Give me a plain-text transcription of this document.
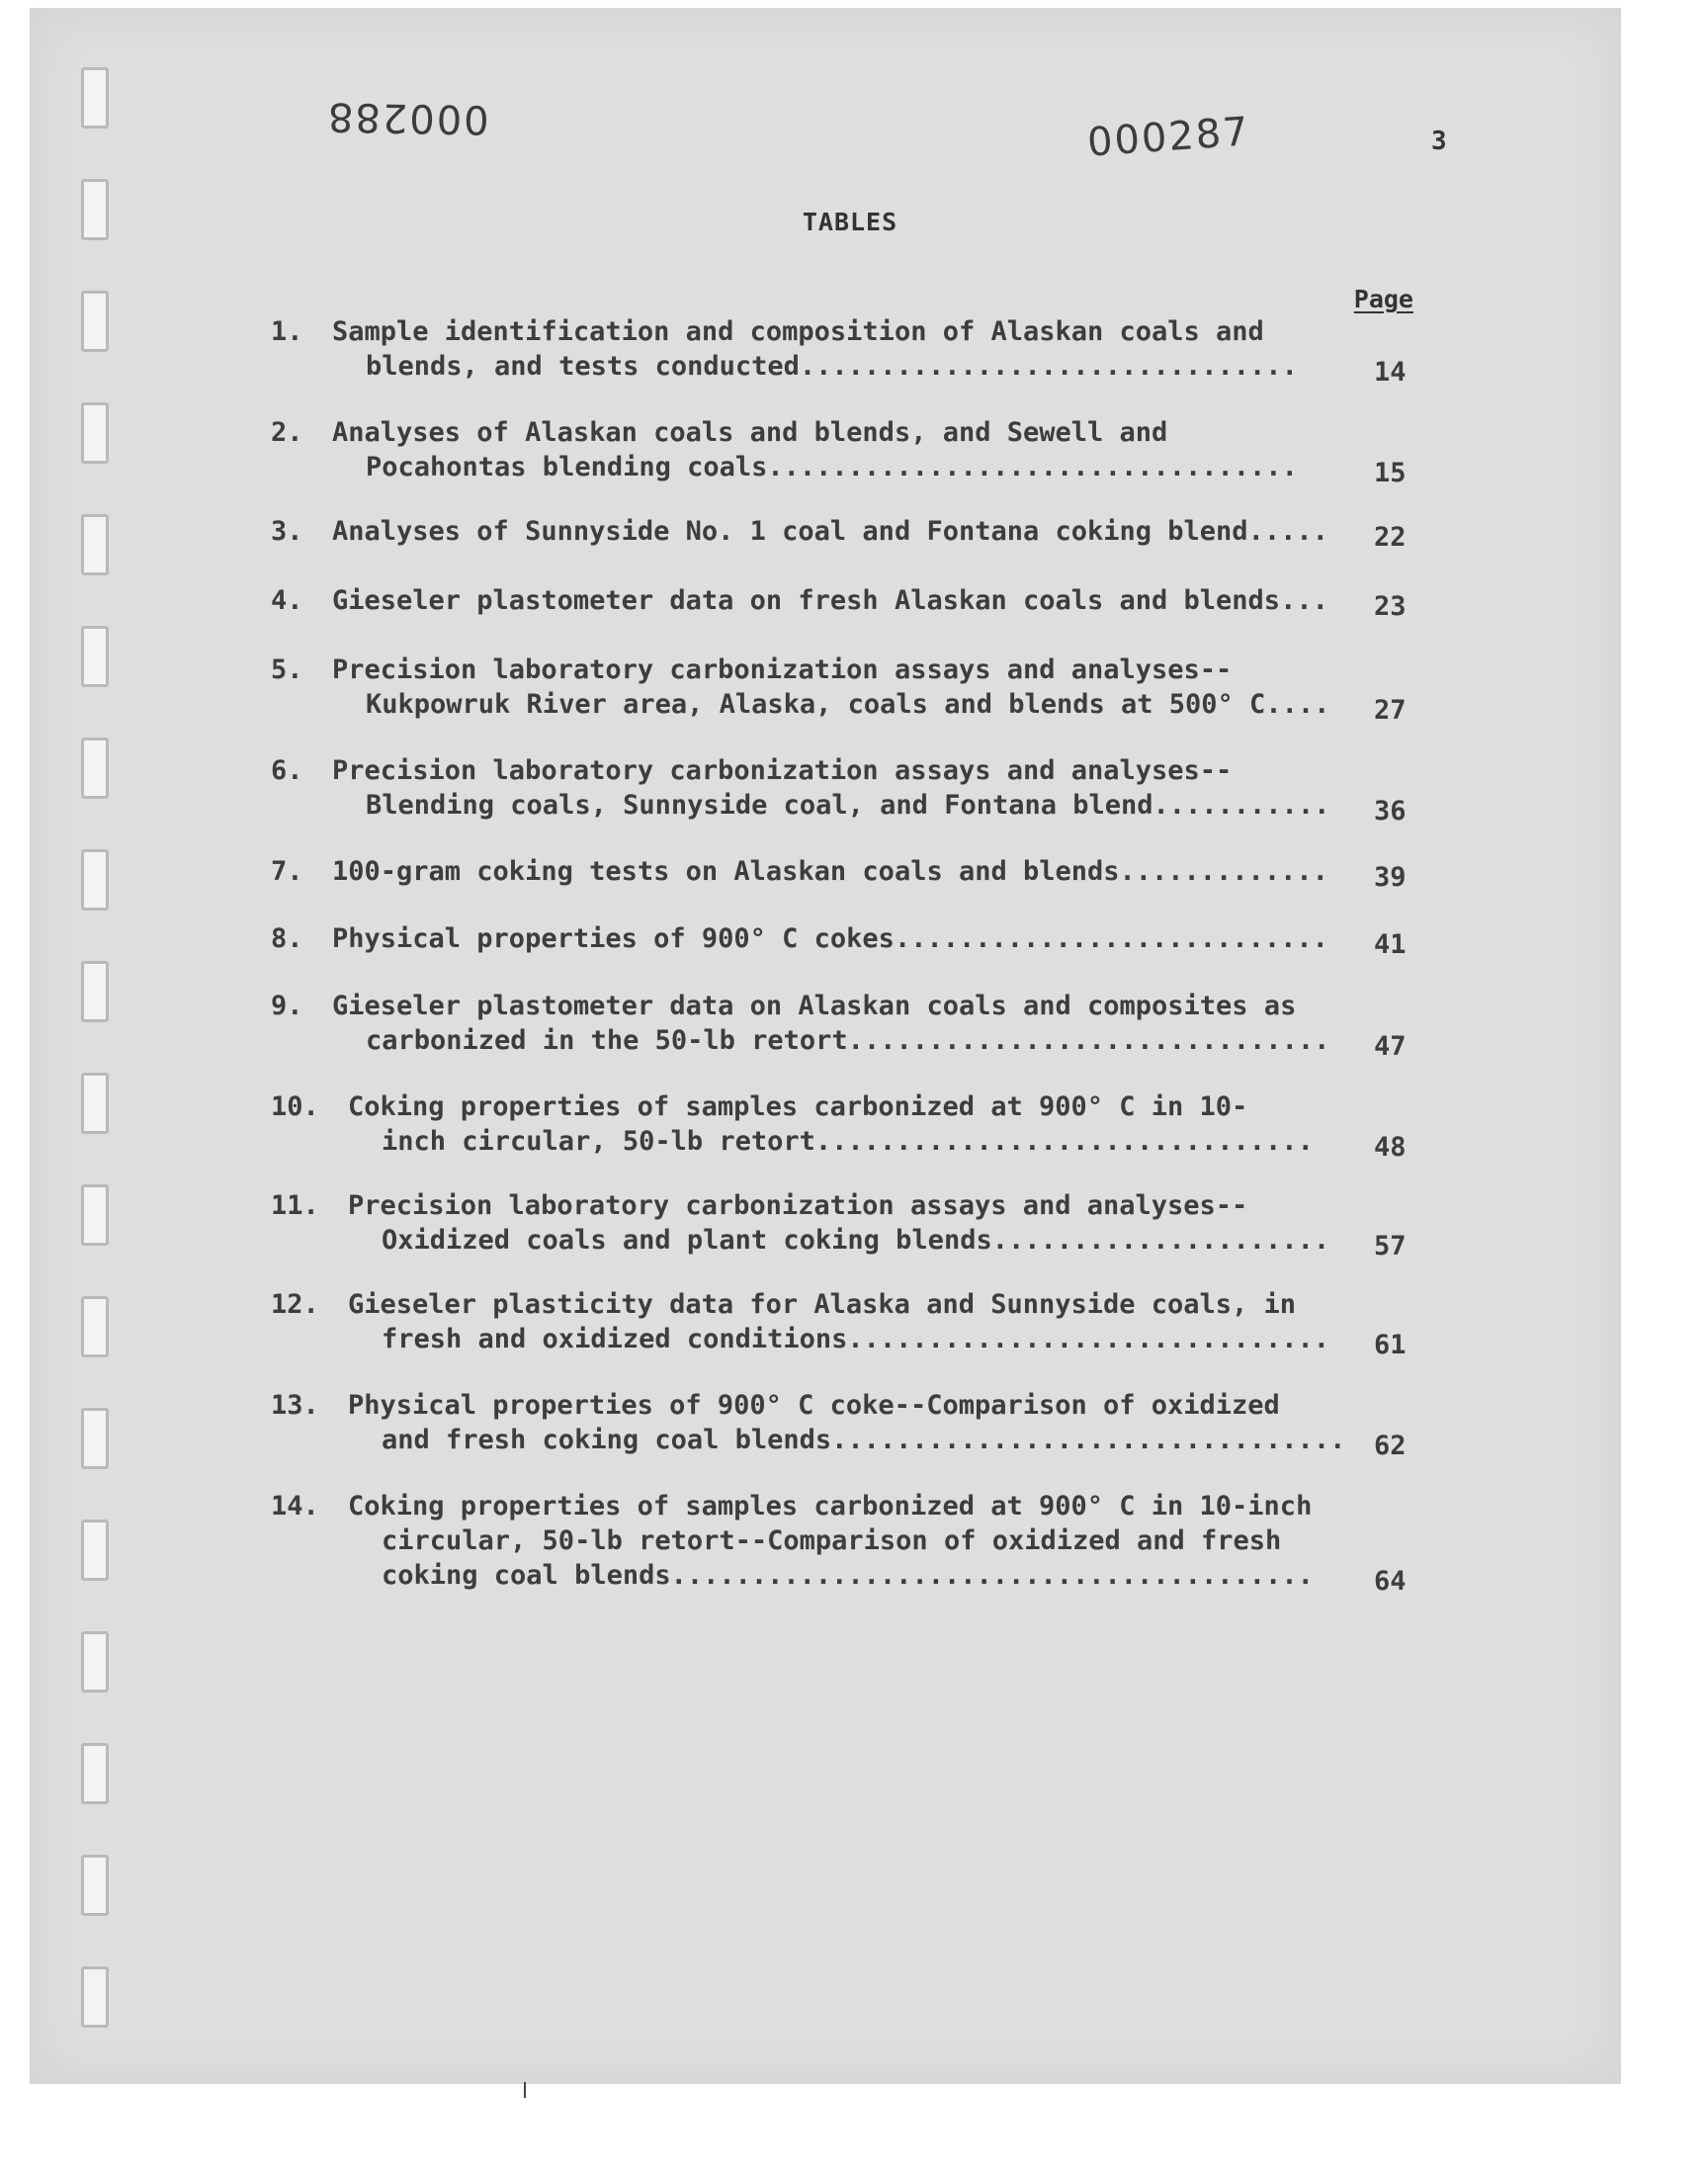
000288	000287	3
TABLES
Page
1. Sample identification and composition of Alaskan coals and
blends, and tests conducted...............................	14
2. Analyses of Alaskan coals and blends, and Sewell and
Pocahontas blending coals.................................	15
3. Analyses of Sunnyside No. 1 coal and Fontana coking blend..... 22
4. Gieseler plastometer data on fresh Alaskan coals and blends... 23
5. Precision laboratory carbonization assays and analyses--
Kukpowruk River area, Alaska, coals and blends at 500° C.... 27
6. Precision laboratory carbonization assays and analyses--
Blending coals, Sunnyside coal, and Fontana blend........... 36
7. 100-gram coking tests on Alaskan coals and blends............. 39
8. Physical properties of 900° C cokes........................... 41
9. Gieseler plastometer data on Alaskan coals and composites as
carbonized in the 50-lb retort.............................. 47
10. Coking properties of samples carbonized at 900° C in 10-
inch circular, 50-lb retort............................... 48
11. Precision laboratory carbonization assays and analyses--
Oxidized coals and plant coking blends..................... 57
12. Gieseler plasticity data for Alaska and Sunnyside coals, in
fresh and oxidized conditions.............................. 61
13. Physical properties of 900° C coke--Comparison of oxidized
and fresh coking coal blends................................ 62
14. Coking properties of samples carbonized at 900° C in 10-inch
circular, 50-lb retort--Comparison of oxidized and fresh
coking coal blends........................................ 64
